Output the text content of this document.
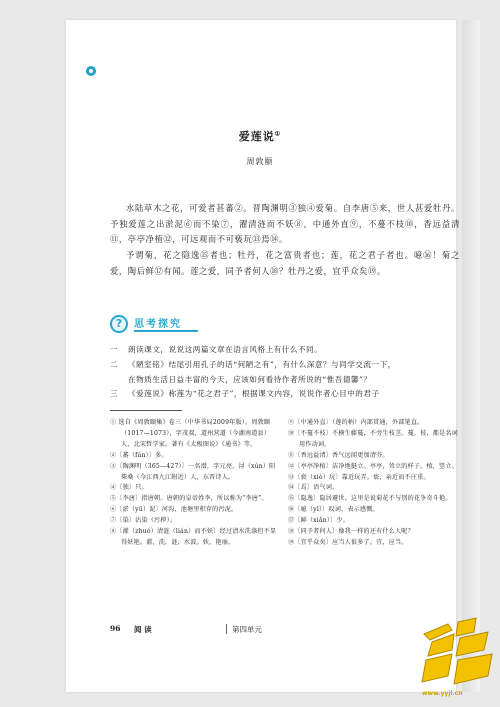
爱莲说①
周敦颐
水陆草木之花，可爱者甚蕃②。晋陶渊明③独④爱菊。自李唐⑤来，世人甚爱牡丹。予独爱莲之出淤泥⑥而不染⑦，濯清涟而不妖⑧，中通外直⑨，不蔓不枝⑩，香远益清⑪，亭亭净植⑫，可远观而不可亵玩⑬焉⑭。
予谓菊，花之隐逸⑮者也；牡丹，花之富贵者也；莲，花之君子者也。噫⑯！菊之爱，陶后鲜⑰有闻。莲之爱，同予者何人⑱？牡丹之爱，宜乎众矣⑲。
?	思考探究
一 朗读课文，说说这两篇文章在语言风格上有什么不同。
二 《陋室铭》结尾引用孔子的话“何陋之有”，有什么深意？与同学交流一下，
在物质生活日益丰富的今天，应该如何看待作者所说的“惟吾德馨”？
三 《爱莲说》称莲为“花之君子”，根据课文内容，说说作者心目中的君子
① 选自《周敦颐集》卷三（中华书局2009年版）。周敦颐（1017—1073），字茂叔，道州营道（今湖南道县）人，北宋哲学家。著有《太极图说》《通书》等。
②〔蕃（fán）〕多。
③〔陶渊明（365—427）〕一名潜，字元亮，浔（xún）阳柴桑（今江西九江附近）人，东晋诗人。
④〔独〕只。
⑤〔李唐〕指唐朝。唐朝的皇帝姓李，所以称为“李唐”。
⑥〔淤（yū）泥〕河沟、池塘里积存的污泥。
⑦〔染〕沾染（污秽）。
⑧〔濯（zhuó）清涟（lián）而不妖〕经过清水洗涤但不显得妖艳。濯，洗。涟，水波。妖，艳丽。
⑨〔中通外直〕（莲的柄）内部贯通，外部笔直。
⑩〔不蔓不枝〕不横生藤蔓，不旁生枝茎。蔓，枝，都是名词用作动词。
⑪〔香远益清〕香气远闻更加清芬。
⑫〔亭亭净植〕洁净地挺立。亭亭，耸立的样子。植，竖立。
⑬〔亵（xiè）玩〕靠近玩弄。亵，亲近而不庄重。
⑭〔焉〕语气词。
⑮〔隐逸〕隐居避世。这里是说菊花不与别的花争奇斗艳。
⑯〔噫（yī）〕叹词，表示感慨。
⑰〔鲜（xiǎn）〕少。
⑱〔同予者何人〕像我一样的还有什么人呢？
⑲〔宜乎众矣〕应当人很多了。宜，应当。
96 阅 读	第四单元
www.yyjl.cn
